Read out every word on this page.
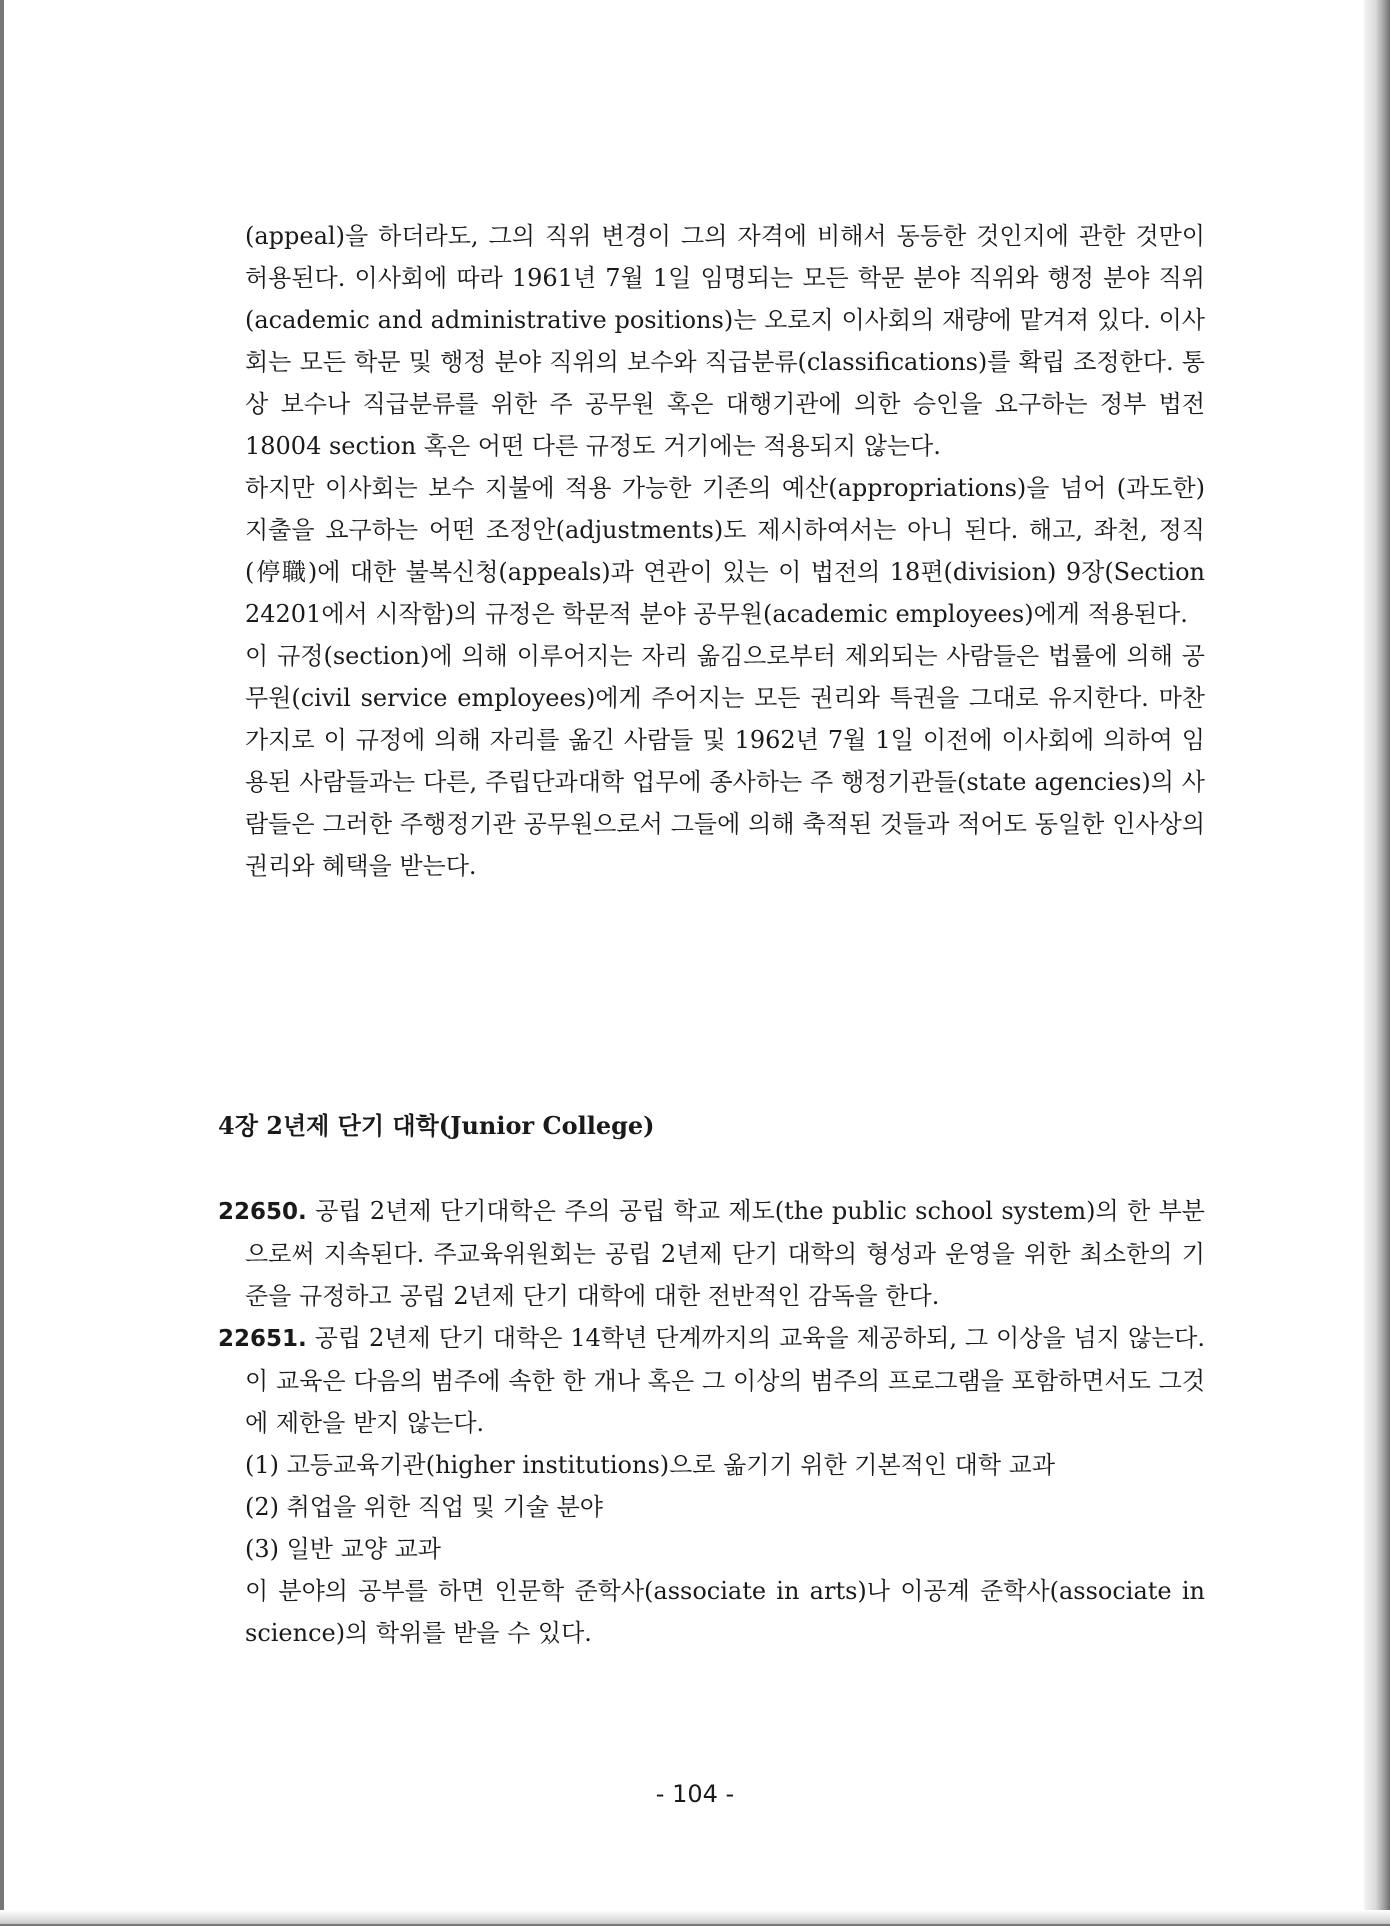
(appeal)을 하더라도, 그의 직위 변경이 그의 자격에 비해서 동등한 것인지에 관한 것만이 허용된다. 이사회에 따라 1961년 7월 1일 임명되는 모든 학문 분야 직위와 행정 분야 직위(academic and administrative positions)는 오로지 이사회의 재량에 맡겨져 있다. 이사회는 모든 학문 및 행정 분야 직위의 보수와 직급분류(classifications)를 확립 조정한다. 통상 보수나 직급분류를 위한 주 공무원 혹은 대행기관에 의한 승인을 요구하는 정부 법전 18004 section 혹은 어떤 다른 규정도 거기에는 적용되지 않는다.

하지만 이사회는 보수 지불에 적용 가능한 기존의 예산(appropriations)을 넘어 (과도한) 지출을 요구하는 어떤 조정안(adjustments)도 제시하여서는 아니 된다. 해고, 좌천, 정직(停職)에 대한 불복신청(appeals)과 연관이 있는 이 법전의 18편(division) 9장(Section 24201에서 시작함)의 규정은 학문적 분야 공무원(academic employees)에게 적용된다.

이 규정(section)에 의해 이루어지는 자리 옮김으로부터 제외되는 사람들은 법률에 의해 공무원(civil service employees)에게 주어지는 모든 권리와 특권을 그대로 유지한다. 마찬가지로 이 규정에 의해 자리를 옮긴 사람들 및 1962년 7월 1일 이전에 이사회에 의하여 임용된 사람들과는 다른, 주립단과대학 업무에 종사하는 주 행정기관들(state agencies)의 사람들은 그러한 주행정기관 공무원으로서 그들에 의해 축적된 것들과 적어도 동일한 인사상의 권리와 혜택을 받는다.

4장 2년제 단기 대학(Junior College)

22650. 공립 2년제 단기대학은 주의 공립 학교 제도(the public school system)의 한 부분으로써 지속된다. 주교육위원회는 공립 2년제 단기 대학의 형성과 운영을 위한 최소한의 기준을 규정하고 공립 2년제 단기 대학에 대한 전반적인 감독을 한다.

22651. 공립 2년제 단기 대학은 14학년 단계까지의 교육을 제공하되, 그 이상을 넘지 않는다. 이 교육은 다음의 범주에 속한 한 개나 혹은 그 이상의 범주의 프로그램을 포함하면서도 그것에 제한을 받지 않는다.

(1) 고등교육기관(higher institutions)으로 옮기기 위한 기본적인 대학 교과

(2) 취업을 위한 직업 및 기술 분야

(3) 일반 교양 교과

이 분야의 공부를 하면 인문학 준학사(associate in arts)나 이공계 준학사(associate in science)의 학위를 받을 수 있다.

- 104 -
